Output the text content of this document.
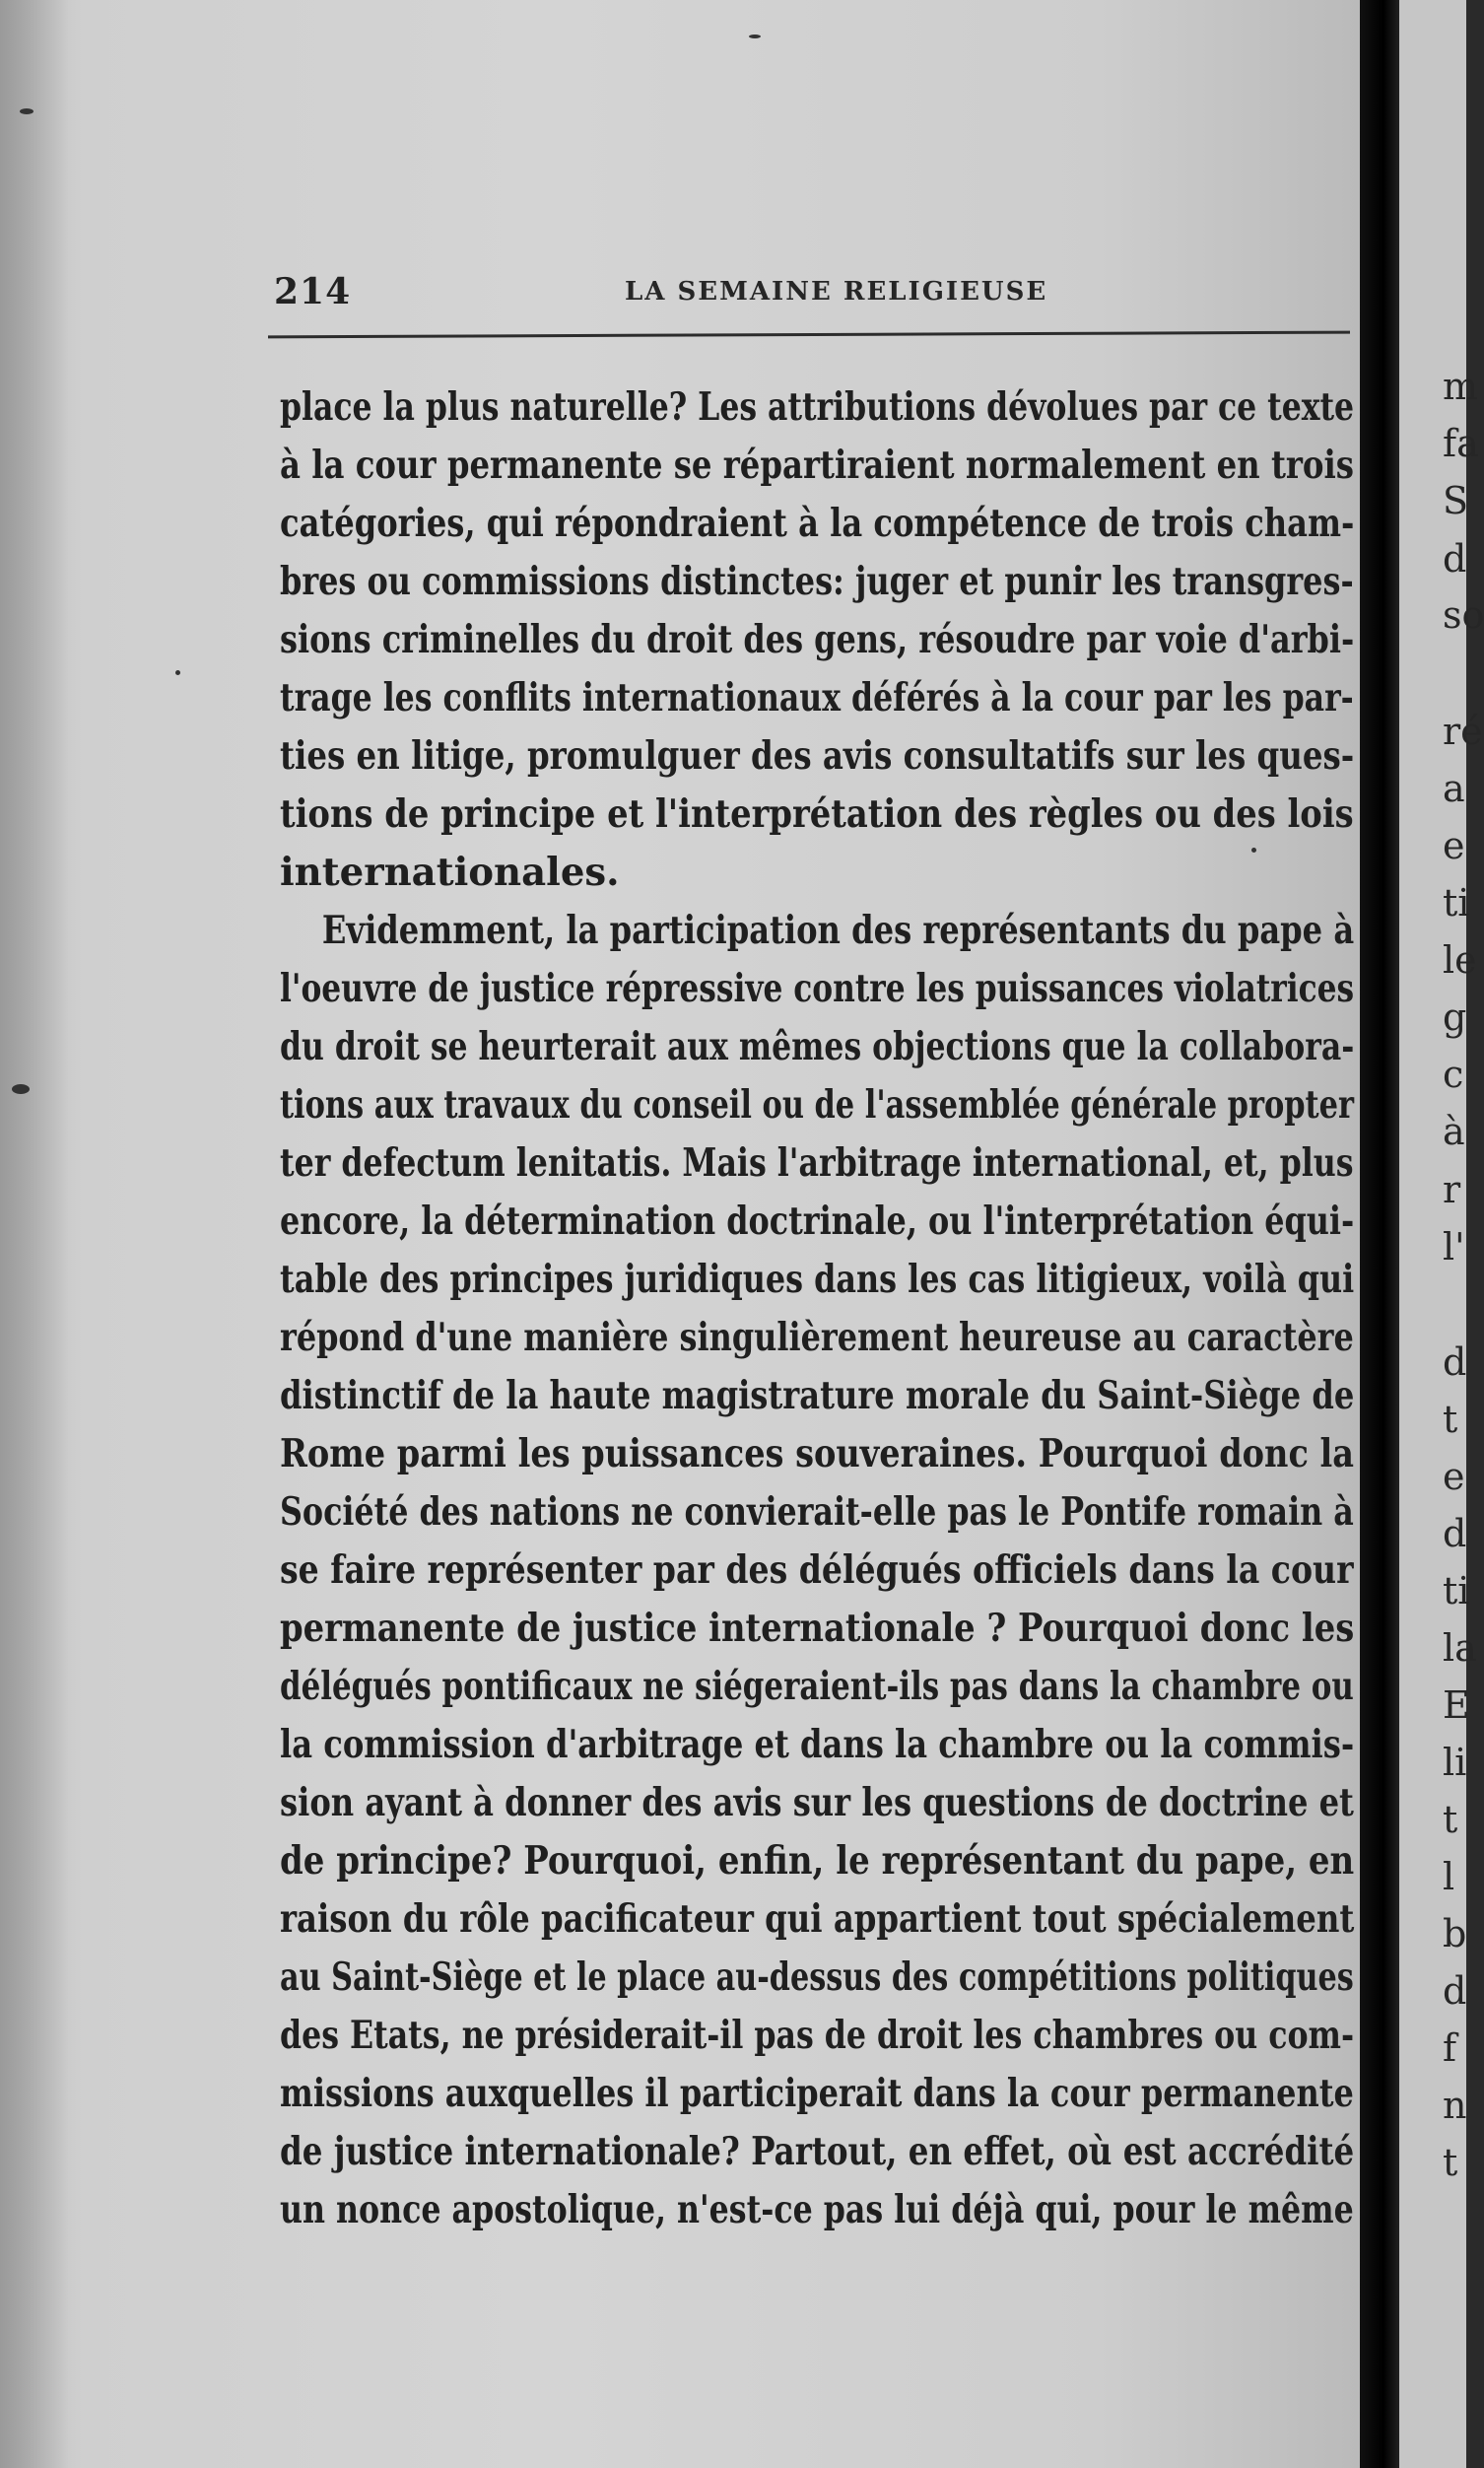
214	LA SEMAINE RELIGIEUSE
place la plus naturelle? Les attributions dévolues par ce texte
à la cour permanente se répartiraient normalement en trois
catégories, qui répondraient à la compétence de trois cham-
bres ou commissions distinctes: juger et punir les transgres-
sions criminelles du droit des gens, résoudre par voie d'arbi-
trage les conflits internationaux déférés à la cour par les par-
ties en litige, promulguer des avis consultatifs sur les ques-
tions de principe et l'interprétation des règles ou des lois
internationales.
Evidemment, la participation des représentants du pape à
l'oeuvre de justice répressive contre les puissances violatrices
du droit se heurterait aux mêmes objections que la collabora-
tions aux travaux du conseil ou de l'assemblée générale propter
ter defectum lenitatis. Mais l'arbitrage international, et, plus
encore, la détermination doctrinale, ou l'interprétation équi-
table des principes juridiques dans les cas litigieux, voilà qui
répond d'une manière singulièrement heureuse au caractère
distinctif de la haute magistrature morale du Saint-Siège de
Rome parmi les puissances souveraines. Pourquoi donc la
Société des nations ne convierait-elle pas le Pontife romain à
se faire représenter par des délégués officiels dans la cour
permanente de justice internationale ? Pourquoi donc les
délégués pontificaux ne siégeraient-ils pas dans la chambre ou
la commission d'arbitrage et dans la chambre ou la commis-
sion ayant à donner des avis sur les questions de doctrine et
de principe? Pourquoi, enfin, le représentant du pape, en
raison du rôle pacificateur qui appartient tout spécialement
au Saint-Siège et le place au-dessus des compétitions politiques
des Etats, ne présiderait-il pas de droit les chambres ou com-
missions auxquelles il participerait dans la cour permanente
de justice internationale? Partout, en effet, où est accrédité
un nonce apostolique, n'est-ce pas lui déjà qui, pour le même
m
fa
S
d
so
ré
a
e
ti
le
g
c
à
r
l'
d
t
e
d
ti
la
E
li
t
l
b
d
f
n
t
